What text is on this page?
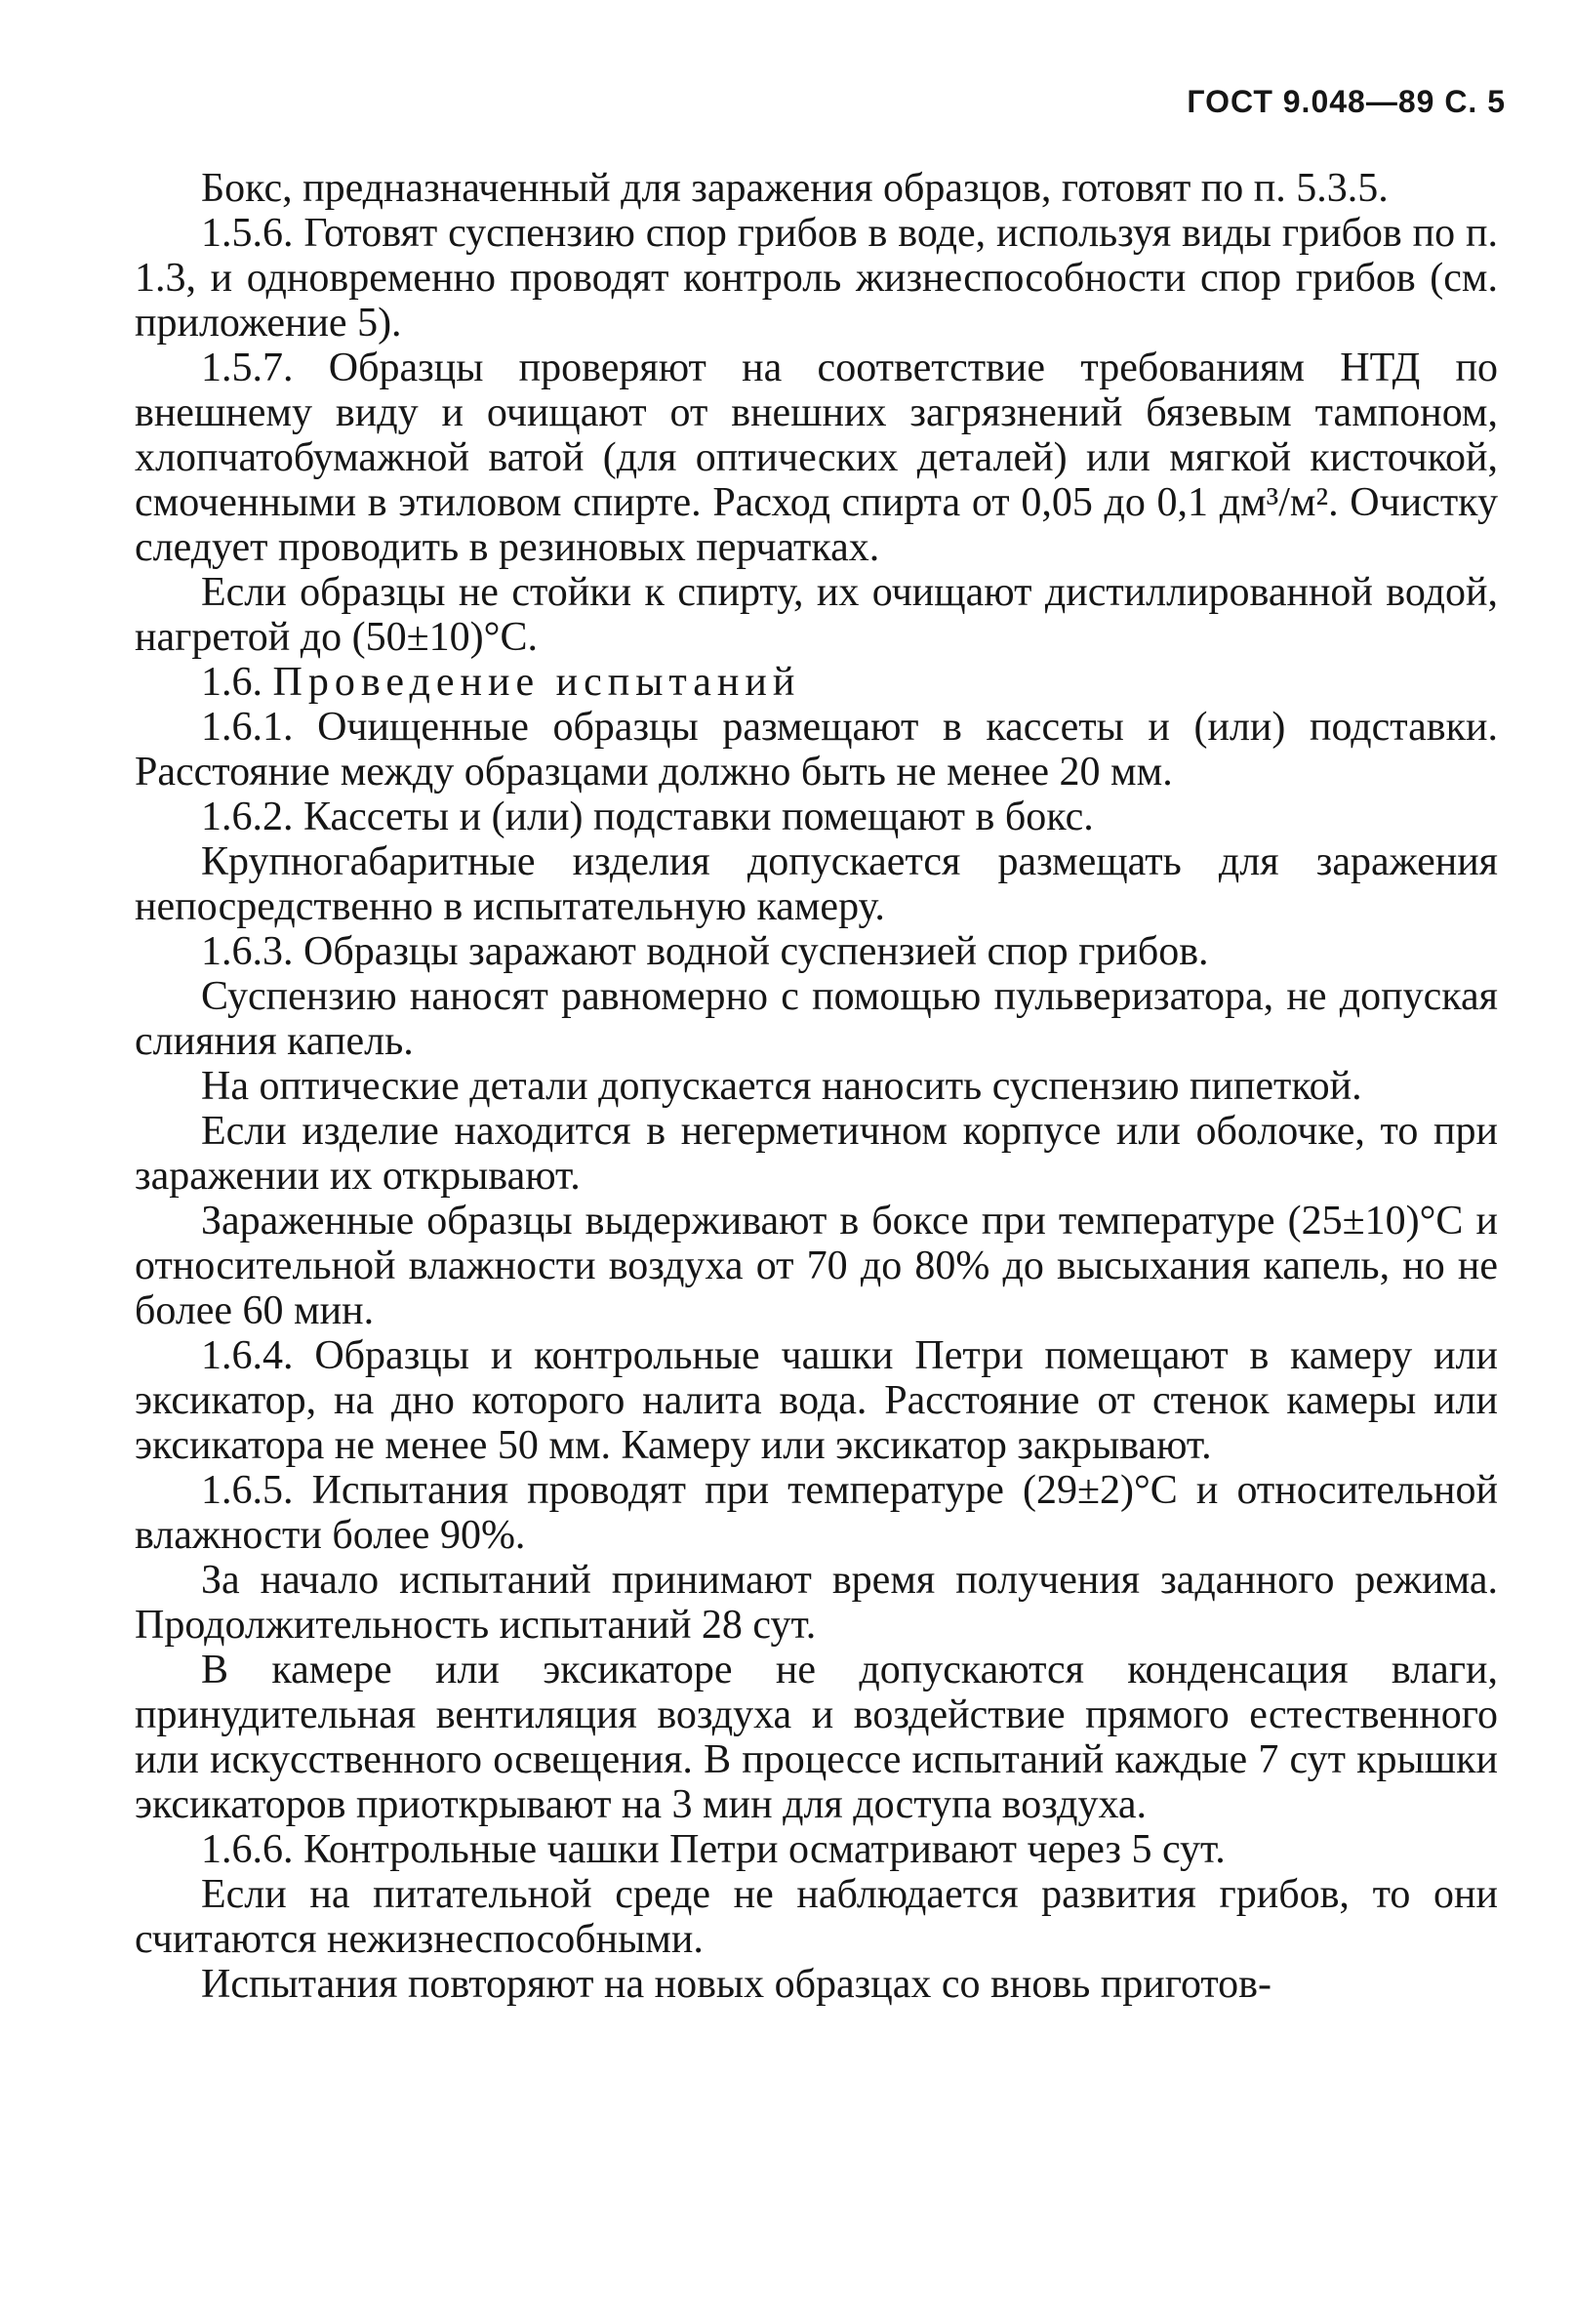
ГОСТ 9.048—89 С. 5

Бокс, предназначенный для заражения образцов, готовят по п. 5.3.5.

1.5.6. Готовят суспензию спор грибов в воде, используя виды грибов по п. 1.3, и одновременно проводят контроль жизнеспособности спор грибов (см. приложение 5).

1.5.7. Образцы проверяют на соответствие требованиям НТД по внешнему виду и очищают от внешних загрязнений бязевым тампоном, хлопчатобумажной ватой (для оптических деталей) или мягкой кисточкой, смоченными в этиловом спирте. Расход спирта от 0,05 до 0,1 дм³/м². Очистку следует проводить в резиновых перчатках.

Если образцы не стойки к спирту, их очищают дистиллированной водой, нагретой до (50±10)°С.

1.6. Проведение испытаний

1.6.1. Очищенные образцы размещают в кассеты и (или) подставки. Расстояние между образцами должно быть не менее 20 мм.

1.6.2. Кассеты и (или) подставки помещают в бокс.

Крупногабаритные изделия допускается размещать для заражения непосредственно в испытательную камеру.

1.6.3. Образцы заражают водной суспензией спор грибов.

Суспензию наносят равномерно с помощью пульверизатора, не допуская слияния капель.

На оптические детали допускается наносить суспензию пипеткой.

Если изделие находится в негерметичном корпусе или оболочке, то при заражении их открывают.

Зараженные образцы выдерживают в боксе при температуре (25±10)°С и относительной влажности воздуха от 70 до 80% до высыхания капель, но не более 60 мин.

1.6.4. Образцы и контрольные чашки Петри помещают в камеру или эксикатор, на дно которого налита вода. Расстояние от стенок камеры или эксикатора не менее 50 мм. Камеру или эксикатор закрывают.

1.6.5. Испытания проводят при температуре (29±2)°С и относительной влажности более 90%.

За начало испытаний принимают время получения заданного режима. Продолжительность испытаний 28 сут.

В камере или эксикаторе не допускаются конденсация влаги, принудительная вентиляция воздуха и воздействие прямого естественного или искусственного освещения. В процессе испытаний каждые 7 сут крышки эксикаторов приоткрывают на 3 мин для доступа воздуха.

1.6.6. Контрольные чашки Петри осматривают через 5 сут.

Если на питательной среде не наблюдается развития грибов, то они считаются нежизнеспособными.

Испытания повторяют на новых образцах со вновь приготов-
